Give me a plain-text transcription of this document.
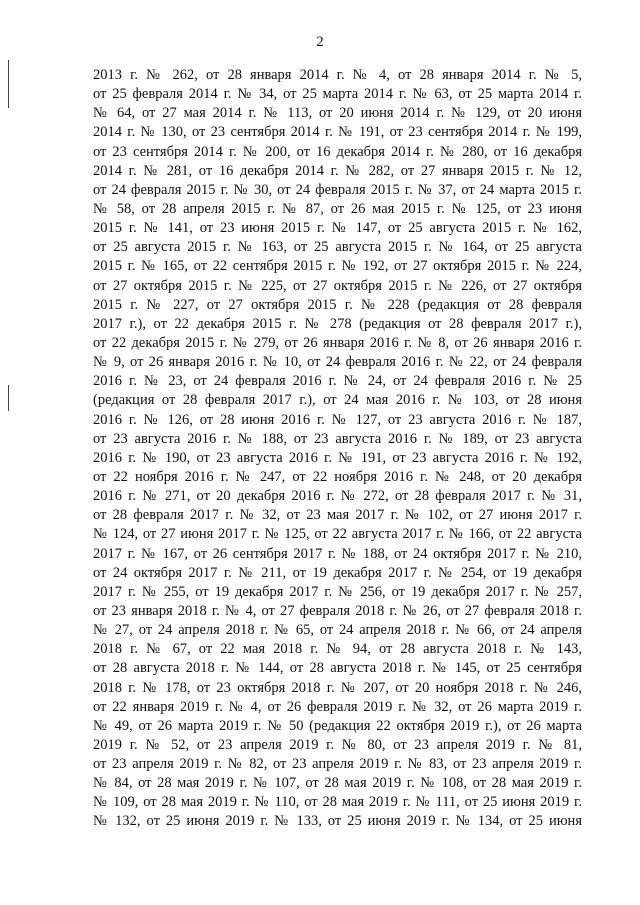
2
2013 г. № 262, от 28 января 2014 г. № 4, от 28 января 2014 г. № 5,
от 25 февраля 2014 г. № 34, от 25 марта 2014 г. № 63, от 25 марта 2014 г.
№ 64, от 27 мая 2014 г. № 113, от 20 июня 2014 г. № 129, от 20 июня
2014 г. № 130, от 23 сентября 2014 г. № 191, от 23 сентября 2014 г. № 199,
от 23 сентября 2014 г. № 200, от 16 декабря 2014 г. № 280, от 16 декабря
2014 г. № 281, от 16 декабря 2014 г. № 282, от 27 января 2015 г. № 12,
от 24 февраля 2015 г. № 30, от 24 февраля 2015 г. № 37, от 24 марта 2015 г.
№ 58, от 28 апреля 2015 г. № 87, от 26 мая 2015 г. № 125, от 23 июня
2015 г. № 141, от 23 июня 2015 г. № 147, от 25 августа 2015 г. № 162,
от 25 августа 2015 г. № 163, от 25 августа 2015 г. № 164, от 25 августа
2015 г. № 165, от 22 сентября 2015 г. № 192, от 27 октября 2015 г. № 224,
от 27 октября 2015 г. № 225, от 27 октября 2015 г. № 226, от 27 октября
2015 г. № 227, от 27 октября 2015 г. № 228 (редакция от 28 февраля
2017 г.), от 22 декабря 2015 г. № 278 (редакция от 28 февраля 2017 г.),
от 22 декабря 2015 г. № 279, от 26 января 2016 г. № 8, от 26 января 2016 г.
№ 9, от 26 января 2016 г. № 10, от 24 февраля 2016 г. № 22, от 24 февраля
2016 г. № 23, от 24 февраля 2016 г. № 24, от 24 февраля 2016 г. № 25
(редакция от 28 февраля 2017 г.), от 24 мая 2016 г. № 103, от 28 июня
2016 г. № 126, от 28 июня 2016 г. № 127, от 23 августа 2016 г. № 187,
от 23 августа 2016 г. № 188, от 23 августа 2016 г. № 189, от 23 августа
2016 г. № 190, от 23 августа 2016 г. № 191, от 23 августа 2016 г. № 192,
от 22 ноября 2016 г. № 247, от 22 ноября 2016 г. № 248, от 20 декабря
2016 г. № 271, от 20 декабря 2016 г. № 272, от 28 февраля 2017 г. № 31,
от 28 февраля 2017 г. № 32, от 23 мая 2017 г. № 102, от 27 июня 2017 г.
№ 124, от 27 июня 2017 г. № 125, от 22 августа 2017 г. № 166, от 22 августа
2017 г. № 167, от 26 сентября 2017 г. № 188, от 24 октября 2017 г. № 210,
от 24 октября 2017 г. № 211, от 19 декабря 2017 г. № 254, от 19 декабря
2017 г. № 255, от 19 декабря 2017 г. № 256, от 19 декабря 2017 г. № 257,
от 23 января 2018 г. № 4, от 27 февраля 2018 г. № 26, от 27 февраля 2018 г.
№ 27, от 24 апреля 2018 г. № 65, от 24 апреля 2018 г. № 66, от 24 апреля
2018 г. № 67, от 22 мая 2018 г. № 94, от 28 августа 2018 г. № 143,
от 28 августа 2018 г. № 144, от 28 августа 2018 г. № 145, от 25 сентября
2018 г. № 178, от 23 октября 2018 г. № 207, от 20 ноября 2018 г. № 246,
от 22 января 2019 г. № 4, от 26 февраля 2019 г. № 32, от 26 марта 2019 г.
№ 49, от 26 марта 2019 г. № 50 (редакция 22 октября 2019 г.), от 26 марта
2019 г. № 52, от 23 апреля 2019 г. № 80, от 23 апреля 2019 г. № 81,
от 23 апреля 2019 г. № 82, от 23 апреля 2019 г. № 83, от 23 апреля 2019 г.
№ 84, от 28 мая 2019 г. № 107, от 28 мая 2019 г. № 108, от 28 мая 2019 г.
№ 109, от 28 мая 2019 г. № 110, от 28 мая 2019 г. № 111, от 25 июня 2019 г.
№ 132, от 25 июня 2019 г. № 133, от 25 июня 2019 г. № 134, от 25 июня
